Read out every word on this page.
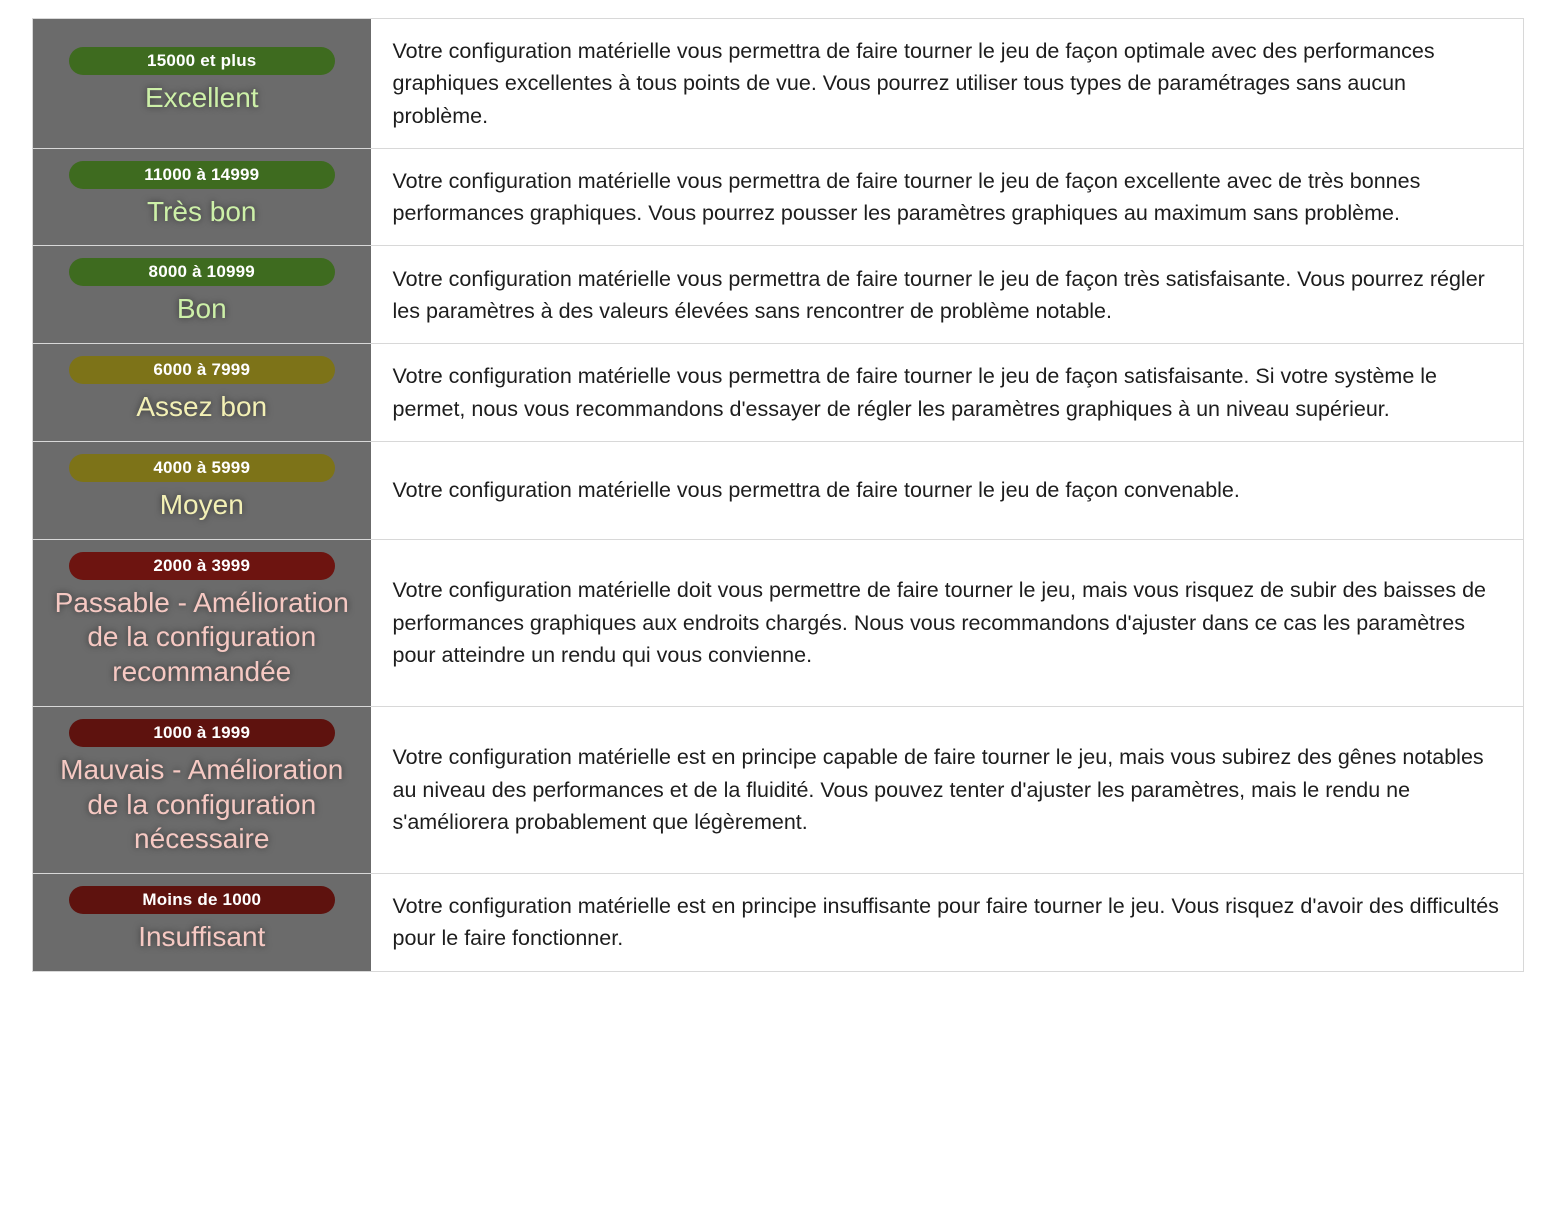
15000 et plus
Excellent	Votre configuration matérielle vous permettra de faire tourner le jeu de façon optimale avec des performances graphiques excellentes à tous points de vue. Vous pourrez utiliser tous types de paramétrages sans aucun problème.

11000 à 14999
Très bon	Votre configuration matérielle vous permettra de faire tourner le jeu de façon excellente avec de très bonnes performances graphiques. Vous pourrez pousser les paramètres graphiques au maximum sans problème.

8000 à 10999
Bon	Votre configuration matérielle vous permettra de faire tourner le jeu de façon très satisfaisante. Vous pourrez régler les paramètres à des valeurs élevées sans rencontrer de problème notable.

6000 à 7999
Assez bon	Votre configuration matérielle vous permettra de faire tourner le jeu de façon satisfaisante. Si votre système le permet, nous vous recommandons d'essayer de régler les paramètres graphiques à un niveau supérieur.

4000 à 5999
Moyen	Votre configuration matérielle vous permettra de faire tourner le jeu de façon convenable.

2000 à 3999
Passable - Amélioration de la configuration recommandée	Votre configuration matérielle doit vous permettre de faire tourner le jeu, mais vous risquez de subir des baisses de performances graphiques aux endroits chargés. Nous vous recommandons d'ajuster dans ce cas les paramètres pour atteindre un rendu qui vous convienne.

1000 à 1999
Mauvais - Amélioration de la configuration nécessaire	Votre configuration matérielle est en principe capable de faire tourner le jeu, mais vous subirez des gênes notables au niveau des performances et de la fluidité. Vous pouvez tenter d'ajuster les paramètres, mais le rendu ne s'améliorera probablement que légèrement.

Moins de 1000
Insuffisant	Votre configuration matérielle est en principe insuffisante pour faire tourner le jeu. Vous risquez d'avoir des difficultés pour le faire fonctionner.
